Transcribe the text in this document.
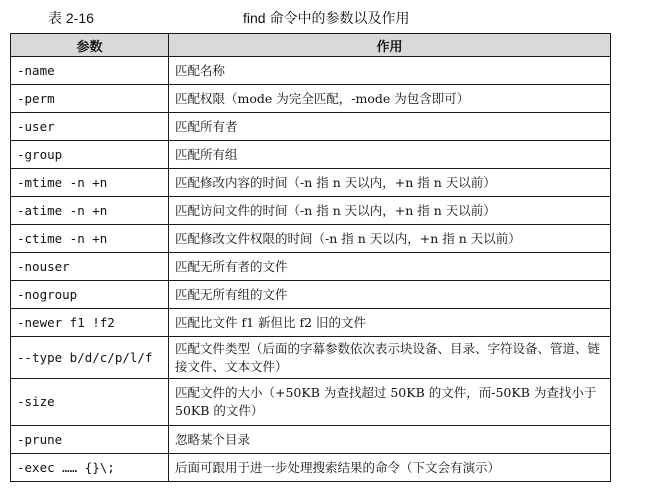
表 2-16	find 命令中的参数以及作用
参数	作用
-name	匹配名称
-perm	匹配权限（mode 为完全匹配，-mode 为包含即可）
-user	匹配所有者
-group	匹配所有组
-mtime -n +n	匹配修改内容的时间（-n 指 n 天以内，+n 指 n 天以前）
-atime -n +n	匹配访问文件的时间（-n 指 n 天以内，+n 指 n 天以前）
-ctime -n +n	匹配修改文件权限的时间（-n 指 n 天以内，+n 指 n 天以前）
-nouser	匹配无所有者的文件
-nogroup	匹配无所有组的文件
-newer f1 !f2	匹配比文件 f1 新但比 f2 旧的文件
--type b/d/c/p/l/f	匹配文件类型（后面的字幕参数依次表示块设备、目录、字符设备、管道、链接文件、文本文件）
-size	匹配文件的大小（+50KB 为查找超过 50KB 的文件，而-50KB 为查找小于 50KB 的文件）
-prune	忽略某个目录
-exec …… {}\;	后面可跟用于进一步处理搜索结果的命令（下文会有演示）
